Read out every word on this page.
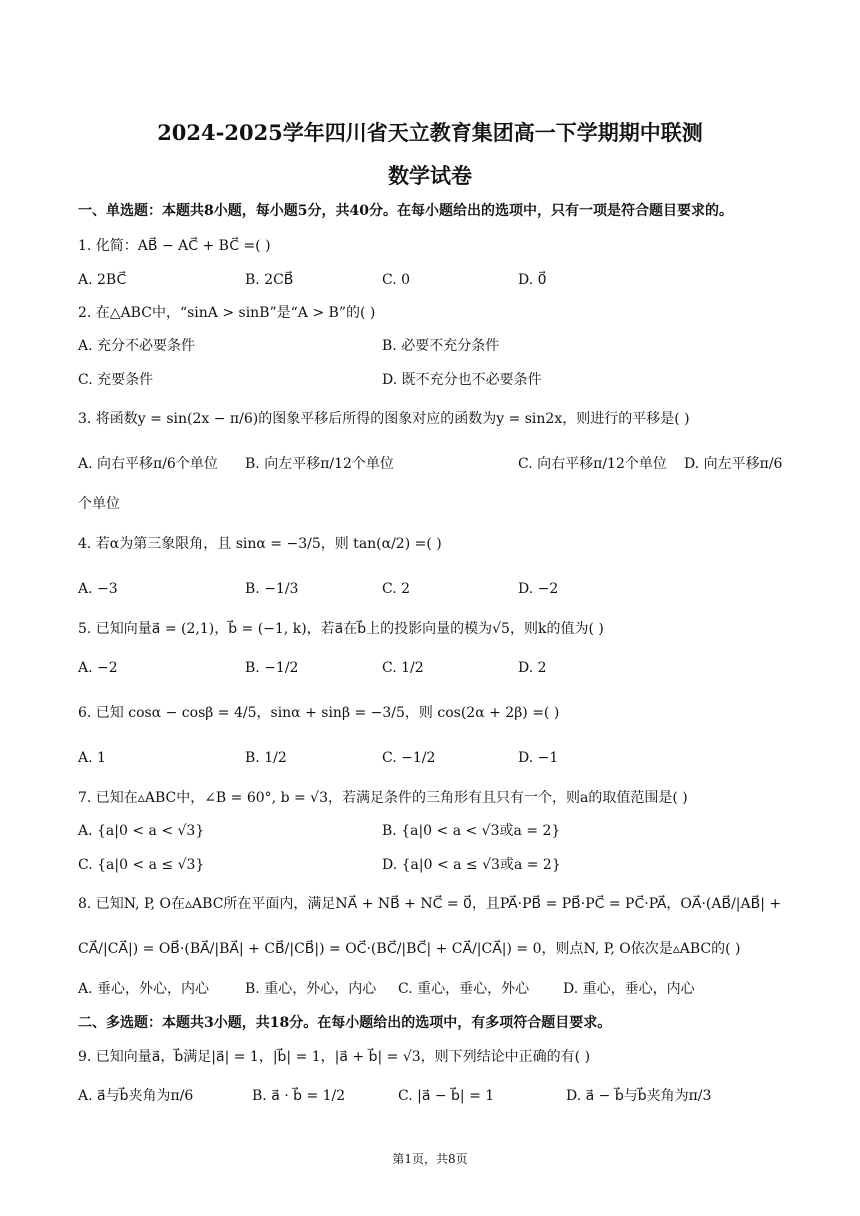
2024-2025学年四川省天立教育集团高一下学期期中联测
数学试卷
一、单选题：本题共8小题，每小题5分，共40分。在每小题给出的选项中，只有一项是符合题目要求的。
1. 化简：AB⃗ − AC⃗ + BC⃗ =( )
A. 2BC⃗	B. 2CB⃗	C. 0	D. 0⃗
2. 在△ABC中，“sinA > sinB”是“A > B”的( )
A. 充分不必要条件	B. 必要不充分条件
C. 充要条件	D. 既不充分也不必要条件
3. 将函数y = sin(2x − π/6)的图象平移后所得的图象对应的函数为y = sin2x，则进行的平移是( )
A. 向右平移π/6个单位 B. 向左平移π/12个单位	C. 向右平移π/12个单位 D. 向左平移π/6
个单位
4. 若α为第三象限角，且 sinα = −3/5，则 tan(α/2) =( )
A. −3	B. −1/3	C. 2	D. −2
5. 已知向量a⃗ = (2,1)，b⃗ = (−1, k)，若a⃗在b⃗上的投影向量的模为√5，则k的值为( )
A. −2	B. −1/2	C. 1/2	D. 2
6. 已知 cosα − cosβ = 4/5，sinα + sinβ = −3/5，则 cos(2α + 2β) =( )
A. 1	B. 1/2	C. −1/2	D. −1
7. 已知在▵ABC中，∠B = 60°, b = √3，若满足条件的三角形有且只有一个，则a的取值范围是( )
A. {a|0 < a < √3}	B. {a|0 < a < √3或a = 2}
C. {a|0 < a ≤ √3}	D. {a|0 < a ≤ √3或a = 2}
8. 已知N, P, O在▵ABC所在平面内，满足NA⃗ + NB⃗ + NC⃗ = 0⃗，且PA⃗·PB⃗ = PB⃗·PC⃗ = PC⃗·PA⃗，OA⃗·(AB⃗/|AB⃗| +
CA⃗/|CA⃗|) = OB⃗·(BA⃗/|BA⃗| + CB⃗/|CB⃗|) = OC⃗·(BC⃗/|BC⃗| + CA⃗/|CA⃗|) = 0，则点N, P, O依次是▵ABC的( )
A. 垂心，外心，内心	B. 重心，外心，内心 C. 重心，垂心，外心 D. 重心，垂心，内心
二、多选题：本题共3小题，共18分。在每小题给出的选项中，有多项符合题目要求。
9. 已知向量a⃗，b⃗满足|a⃗| = 1，|b⃗| = 1，|a⃗ + b⃗| = √3，则下列结论中正确的有( )
A. a⃗与b⃗夹角为π/6	B. a⃗ · b⃗ = 1/2	C. |a⃗ − b⃗| = 1	D. a⃗ − b⃗与b⃗夹角为π/3
第1页，共8页
